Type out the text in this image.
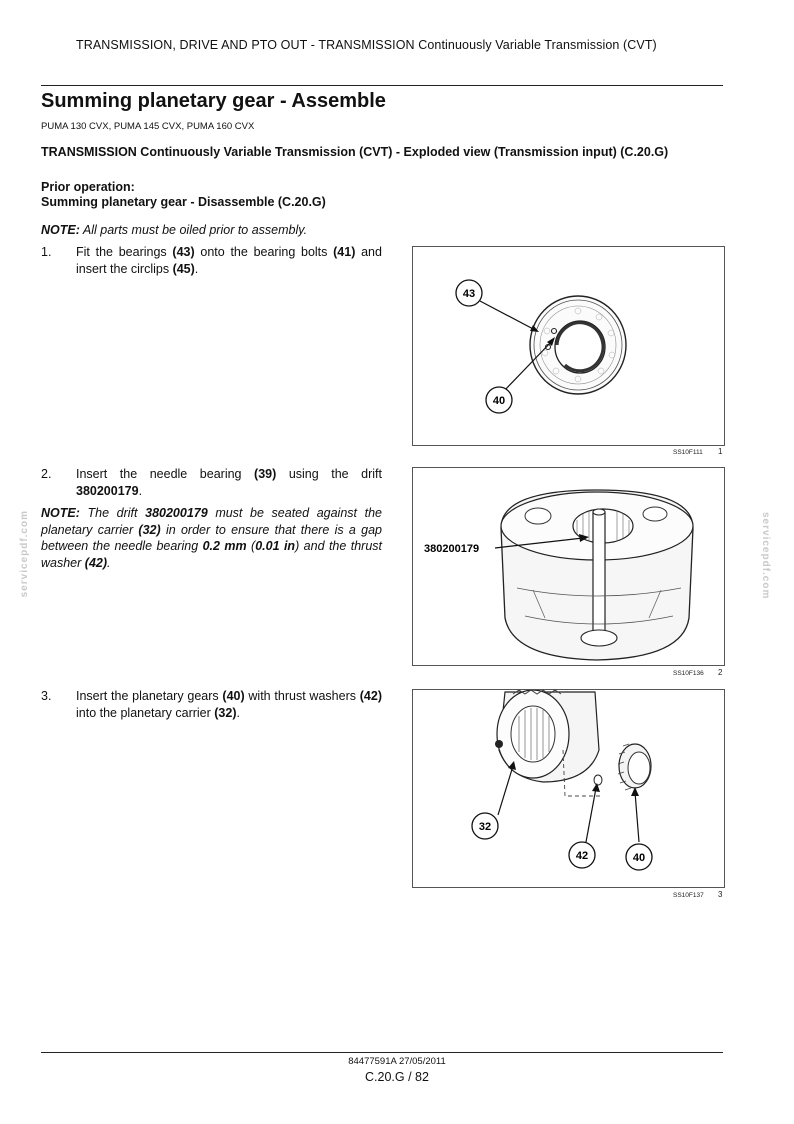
TRANSMISSION, DRIVE AND PTO OUT - TRANSMISSION Continuously Variable Transmission (CVT)
Summing planetary gear - Assemble
PUMA 130 CVX, PUMA 145 CVX, PUMA 160 CVX
TRANSMISSION Continuously Variable Transmission (CVT) - Exploded view (Transmission input) (C.20.G)
Prior operation:
Summing planetary gear - Disassemble (C.20.G)
NOTE: All parts must be oiled prior to assembly.
1. Fit the bearings (43) onto the bearing bolts (41) and insert the circlips (45).
2. Insert the needle bearing (39) using the drift 380200179.
NOTE: The drift 380200179 must be seated against the planetary carrier (32) in order to ensure that there is a gap between the needle bearing 0.2 mm (0.01 in) and the thrust washer (42).
3. Insert the planetary gears (40) with thrust washers (42) into the planetary carrier (32).
43
40
SS10F111 1
380200179
SS10F136 2
32
42	40
SS10F137 3
servicepdf.com	servicepdf.com
84477591A 27/05/2011
C.20.G / 82
